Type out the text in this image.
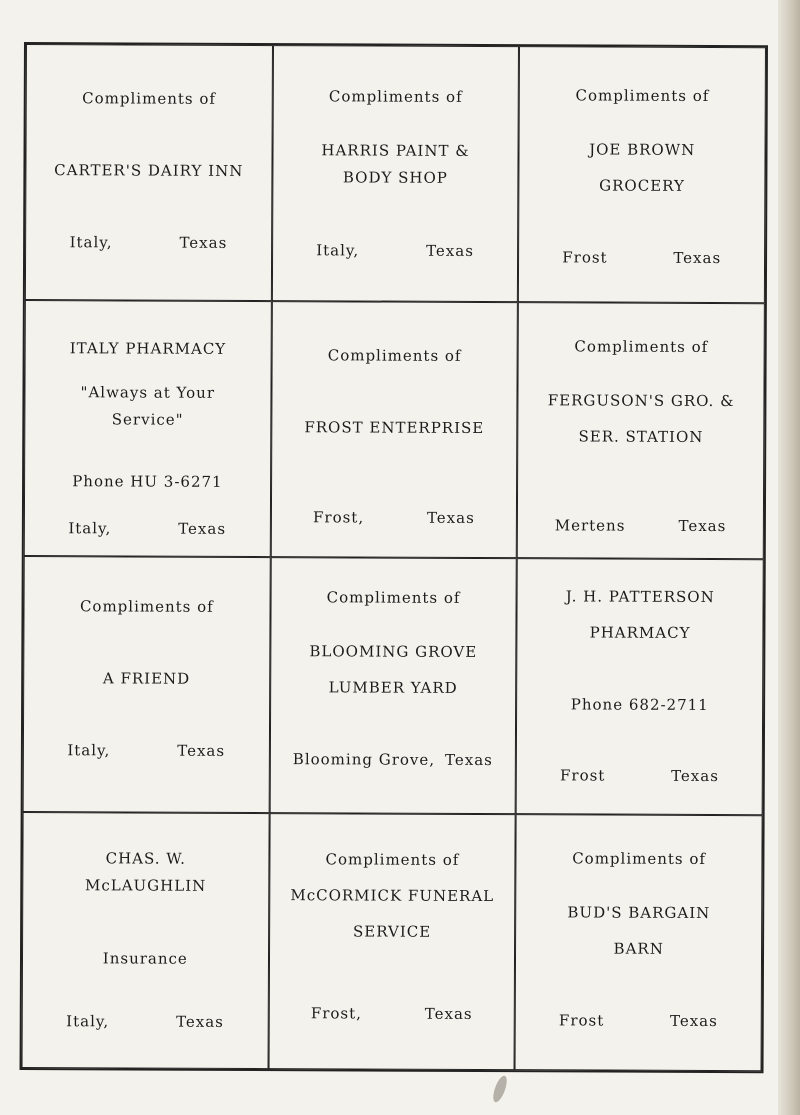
Compliments of
CARTER'S DAIRY INN
Italy,	Texas
Compliments of
HARRIS PAINT &
BODY SHOP
Italy,	Texas
Compliments of
JOE BROWN
GROCERY
Frost	Texas
ITALY PHARMACY
"Always at Your
Service"
Phone HU 3-6271
Italy,	Texas
Compliments of
FROST ENTERPRISE
Frost,	Texas
Compliments of
FERGUSON'S GRO. &
SER. STATION
Mertens	Texas
Compliments of
A FRIEND
Italy,	Texas
Compliments of
BLOOMING GROVE
LUMBER YARD
Blooming Grove, Texas
J. H. PATTERSON
PHARMACY
Phone 682-2711
Frost	Texas
CHAS. W.
McLAUGHLIN
Insurance
Italy,	Texas
Compliments of
McCORMICK FUNERAL
SERVICE
Frost,	Texas
Compliments of
BUD'S BARGAIN
BARN
Frost	Texas
